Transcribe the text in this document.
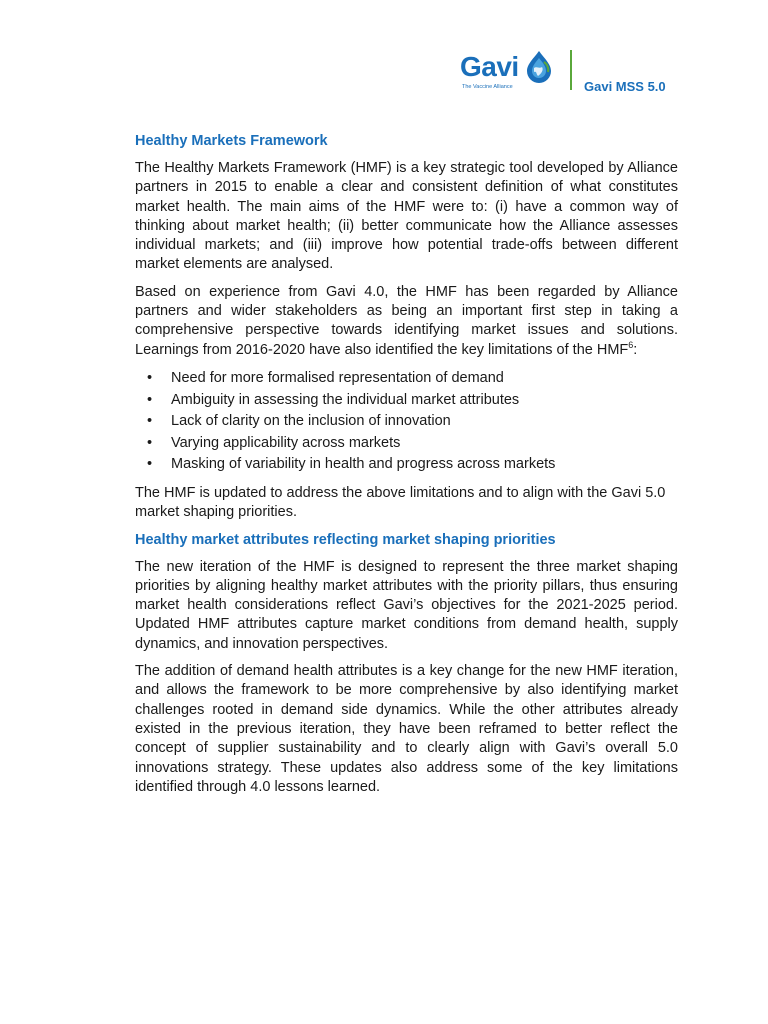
Gavi
The Vaccine Alliance	Gavi MSS 5.0
Healthy Markets Framework

The Healthy Markets Framework (HMF) is a key strategic tool developed by Alliance partners in 2015 to enable a clear and consistent definition of what constitutes market health. The main aims of the HMF were to: (i) have a common way of thinking about market health; (ii) better communicate how the Alliance assesses individual markets; and (iii) improve how potential trade-offs between different market elements are analysed.

Based on experience from Gavi 4.0, the HMF has been regarded by Alliance partners and wider stakeholders as being an important first step in taking a comprehensive perspective towards identifying market issues and solutions. Learnings from 2016-2020 have also identified the key limitations of the HMF$^6$:

• Need for more formalised representation of demand
• Ambiguity in assessing the individual market attributes
• Lack of clarity on the inclusion of innovation
• Varying applicability across markets
• Masking of variability in health and progress across markets

The HMF is updated to address the above limitations and to align with the Gavi 5.0 market shaping priorities.

Healthy market attributes reflecting market shaping priorities

The new iteration of the HMF is designed to represent the three market shaping priorities by aligning healthy market attributes with the priority pillars, thus ensuring market health considerations reflect Gavi’s objectives for the 2021-2025 period. Updated HMF attributes capture market conditions from demand health, supply dynamics, and innovation perspectives.

The addition of demand health attributes is a key change for the new HMF iteration, and allows the framework to be more comprehensive by also identifying market challenges rooted in demand side dynamics. While the other attributes already existed in the previous iteration, they have been reframed to better reflect the concept of supplier sustainability and to clearly align with Gavi’s overall 5.0 innovations strategy. These updates also address some of the key limitations identified through 4.0 lessons learned.
